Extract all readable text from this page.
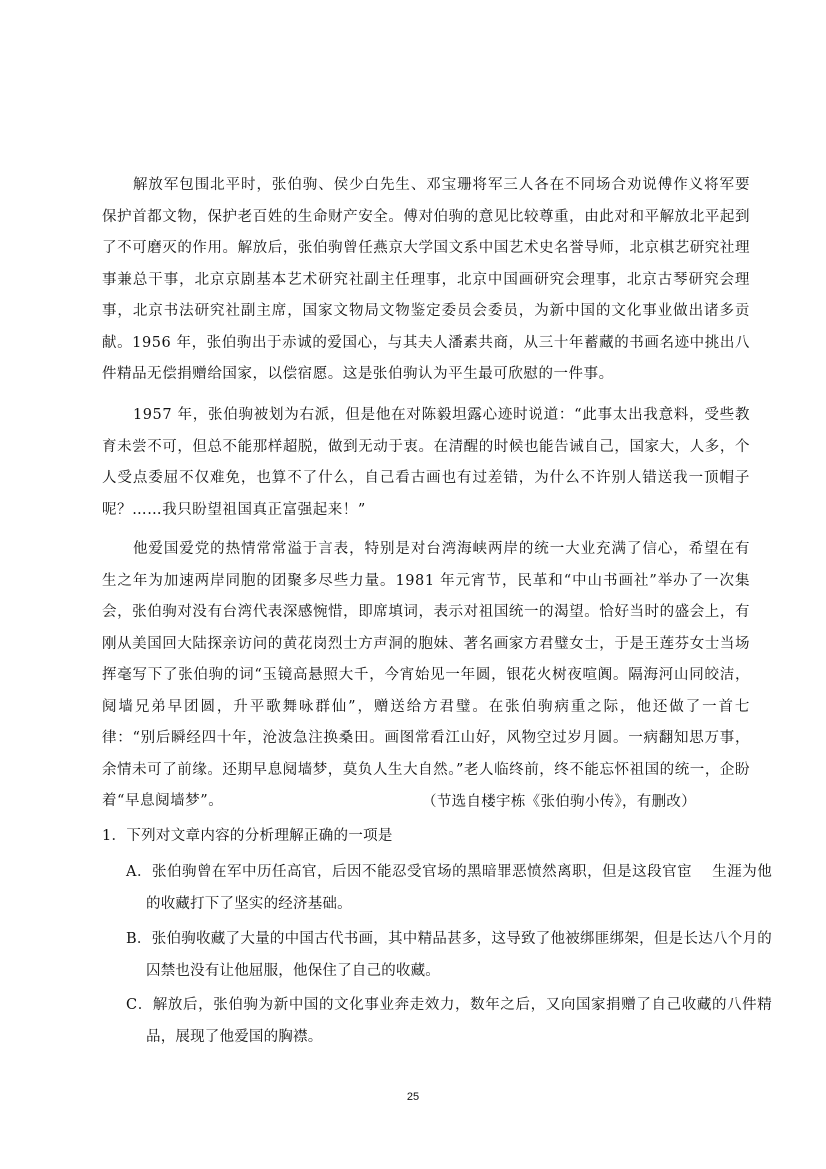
解放军包围北平时，张伯驹、侯少白先生、邓宝珊将军三人各在不同场合劝说傅作义将军要保护首都文物，保护老百姓的生命财产安全。傅对伯驹的意见比较尊重，由此对和平解放北平起到了不可磨灭的作用。解放后，张伯驹曾任燕京大学国文系中国艺术史名誉导师，北京棋艺研究社理事兼总干事，北京京剧基本艺术研究社副主任理事，北京中国画研究会理事，北京古琴研究会理事，北京书法研究社副主席，国家文物局文物鉴定委员会委员，为新中国的文化事业做出诸多贡献。1956 年，张伯驹出于赤诚的爱国心，与其夫人潘素共商，从三十年蓄藏的书画名迹中挑出八件精品无偿捐赠给国家，以偿宿愿。这是张伯驹认为平生最可欣慰的一件事。

1957 年，张伯驹被划为右派，但是他在对陈毅坦露心迹时说道：“此事太出我意料，受些教育未尝不可，但总不能那样超脱，做到无动于衷。在清醒的时候也能告诫自己，国家大，人多，个人受点委屈不仅难免，也算不了什么，自己看古画也有过差错，为什么不许别人错送我一顶帽子呢？……我只盼望祖国真正富强起来！”

他爱国爱党的热情常常溢于言表，特别是对台湾海峡两岸的统一大业充满了信心，希望在有生之年为加速两岸同胞的团聚多尽些力量。1981 年元宵节，民革和“中山书画社”举办了一次集会，张伯驹对没有台湾代表深感惋惜，即席填词，表示对祖国统一的渴望。恰好当时的盛会上，有刚从美国回大陆探亲访问的黄花岗烈士方声洞的胞妹、著名画家方君璧女士，于是王莲芬女士当场挥毫写下了张伯驹的词“玉镜高悬照大千，今宵始见一年圆，银花火树夜喧阗。隔海河山同皎洁，阋墙兄弟早团圆，升平歌舞咏群仙”，赠送给方君璧。在张伯驹病重之际，他还做了一首七律：“别后瞬经四十年，沧波急注换桑田。画图常看江山好，风物空过岁月圆。一病翻知思万事，余情未可了前缘。还期早息阋墙梦，莫负人生大自然。”老人临终前，终不能忘怀祖国的统一，企盼着“早息阋墙梦”。	（节选自楼宇栋《张伯驹小传》，有删改）

1．下列对文章内容的分析理解正确的一项是

A．张伯驹曾在军中历任高官，后因不能忍受官场的黑暗罪恶愤然离职，但是这段官宦　 生涯为他的收藏打下了坚实的经济基础。

B．张伯驹收藏了大量的中国古代书画，其中精品甚多，这导致了他被绑匪绑架，但是长达八个月的囚禁也没有让他屈服，他保住了自己的收藏。

C．解放后，张伯驹为新中国的文化事业奔走效力，数年之后，又向国家捐赠了自己收藏的八件精品，展现了他爱国的胸襟。

25
